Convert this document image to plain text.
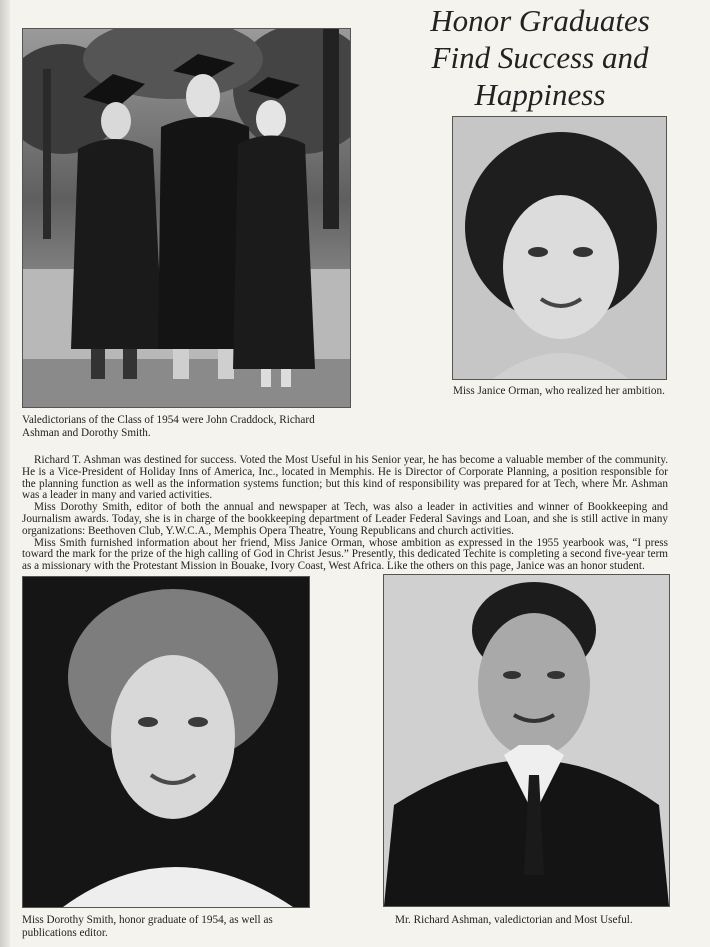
Honor Graduates
Find Success and
Happiness
Valedictorians of the Class of 1954 were John Craddock, Richard Ashman and Dorothy Smith.
Miss Janice Orman, who realized her ambition.

Richard T. Ashman was destined for success. Voted the Most Useful in his Senior year, he has become a valuable member of the community. He is a Vice-President of Holiday Inns of America, Inc., located in Memphis. He is Director of Corporate Planning, a position responsible for the planning function as well as the information systems function; but this kind of responsibility was prepared for at Tech, where Mr. Ashman was a leader in many and varied activities.

Miss Dorothy Smith, editor of both the annual and newspaper at Tech, was also a leader in activities and winner of Bookkeeping and Journalism awards. Today, she is in charge of the bookkeeping department of Leader Federal Savings and Loan, and she is still active in many organizations: Beethoven Club, Y.W.C.A., Memphis Opera Theatre, Young Republicans and church activities.

Miss Smith furnished information about her friend, Miss Janice Orman, whose ambition as expressed in the 1955 yearbook was, “I press toward the mark for the prize of the high calling of God in Christ Jesus.” Presently, this dedicated Techite is completing a second five-year term as a missionary with the Protestant Mission in Bouake, Ivory Coast, West Africa. Like the others on this page, Janice was an honor student.

Miss Dorothy Smith, honor graduate of 1954, as well as publications editor.
Mr. Richard Ashman, valedictorian and Most Useful.
